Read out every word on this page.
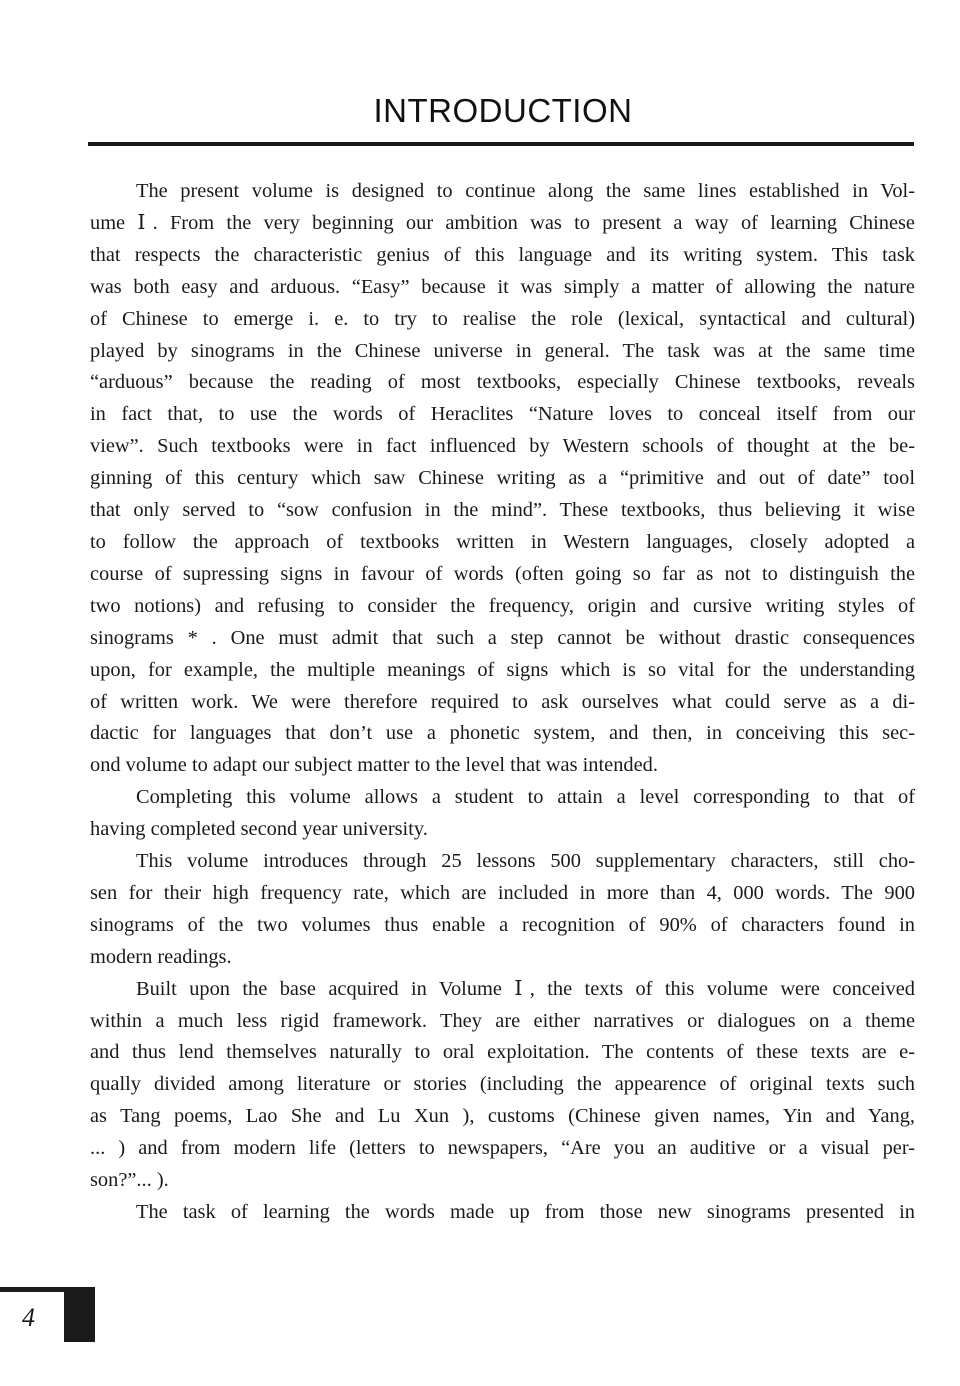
INTRODUCTION

The present volume is designed to continue along the same lines established in Vol-
ume Ⅰ. From the very beginning our ambition was to present a way of learning Chinese
that respects the characteristic genius of this language and its writing system. This task
was both easy and arduous. “Easy” because it was simply a matter of allowing the nature
of Chinese to emerge i. e. to try to realise the role (lexical, syntactical and cultural)
played by sinograms in the Chinese universe in general. The task was at the same time
“arduous” because the reading of most textbooks, especially Chinese textbooks, reveals
in fact that, to use the words of Heraclites “Nature loves to conceal itself from our
view”. Such textbooks were in fact influenced by Western schools of thought at the be-
ginning of this century which saw Chinese writing as a “primitive and out of date” tool
that only served to “sow confusion in the mind”. These textbooks, thus believing it wise
to follow the approach of textbooks written in Western languages, closely adopted a
course of supressing signs in favour of words (often going so far as not to distinguish the
two notions) and refusing to consider the frequency, origin and cursive writing styles of
sinograms * . One must admit that such a step cannot be without drastic consequences
upon, for example, the multiple meanings of signs which is so vital for the understanding
of written work. We were therefore required to ask ourselves what could serve as a di-
dactic for languages that don’t use a phonetic system, and then, in conceiving this sec-
ond volume to adapt our subject matter to the level that was intended.

Completing this volume allows a student to attain a level corresponding to that of
having completed second year university.

This volume introduces through 25 lessons 500 supplementary characters, still cho-
sen for their high frequency rate, which are included in more than 4, 000 words. The 900
sinograms of the two volumes thus enable a recognition of 90% of characters found in
modern readings.

Built upon the base acquired in Volume Ⅰ, the texts of this volume were conceived
within a much less rigid framework. They are either narratives or dialogues on a theme
and thus lend themselves naturally to oral exploitation. The contents of these texts are e-
qually divided among literature or stories (including the appearence of original texts such
as Tang poems, Lao She and Lu Xun ), customs (Chinese given names, Yin and Yang,
... ) and from modern life (letters to newspapers, “Are you an auditive or a visual per-
son?”... ).

The task of learning the words made up from those new sinograms presented in

4
